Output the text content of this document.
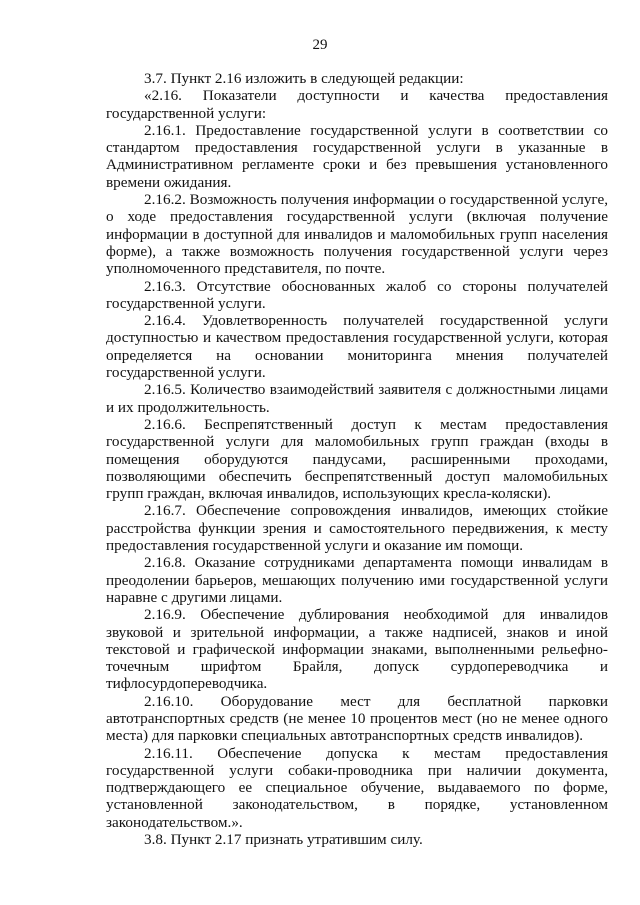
29

3.7. Пункт 2.16 изложить в следующей редакции:

«2.16. Показатели доступности и качества предоставления государственной услуги:

2.16.1. Предоставление государственной услуги в соответствии со стандартом предоставления государственной услуги в указанные в Административном регламенте сроки и без превышения установленного времени ожидания.

2.16.2. Возможность получения информации о государственной услуге, о ходе предоставления государственной услуги (включая получение информации в доступной для инвалидов и маломобильных групп населения форме), а также возможность получения государственной услуги через уполномоченного представителя, по почте.

2.16.3. Отсутствие обоснованных жалоб со стороны получателей государственной услуги.

2.16.4. Удовлетворенность получателей государственной услуги доступностью и качеством предоставления государственной услуги, которая определяется на основании мониторинга мнения получателей государственной услуги.

2.16.5. Количество взаимодействий заявителя с должностными лицами и их продолжительность.

2.16.6. Беспрепятственный доступ к местам предоставления государственной услуги для маломобильных групп граждан (входы в помещения оборудуются пандусами, расширенными проходами, позволяющими обеспечить беспрепятственный доступ маломобильных групп граждан, включая инвалидов, использующих кресла-коляски).

2.16.7. Обеспечение сопровождения инвалидов, имеющих стойкие расстройства функции зрения и самостоятельного передвижения, к месту предоставления государственной услуги и оказание им помощи.

2.16.8. Оказание сотрудниками департамента помощи инвалидам в преодолении барьеров, мешающих получению ими государственной услуги наравне с другими лицами.

2.16.9. Обеспечение дублирования необходимой для инвалидов звуковой и зрительной информации, а также надписей, знаков и иной текстовой и графической информации знаками, выполненными рельефно-точечным шрифтом Брайля, допуск сурдопереводчика и тифлосурдопереводчика.

2.16.10. Оборудование мест для бесплатной парковки автотранспортных средств (не менее 10 процентов мест (но не менее одного места) для парковки специальных автотранспортных средств инвалидов).

2.16.11. Обеспечение допуска к местам предоставления государственной услуги собаки-проводника при наличии документа, подтверждающего ее специальное обучение, выдаваемого по форме, установленной законодательством, в порядке, установленном законодательством.».

3.8. Пункт 2.17 признать утратившим силу.
